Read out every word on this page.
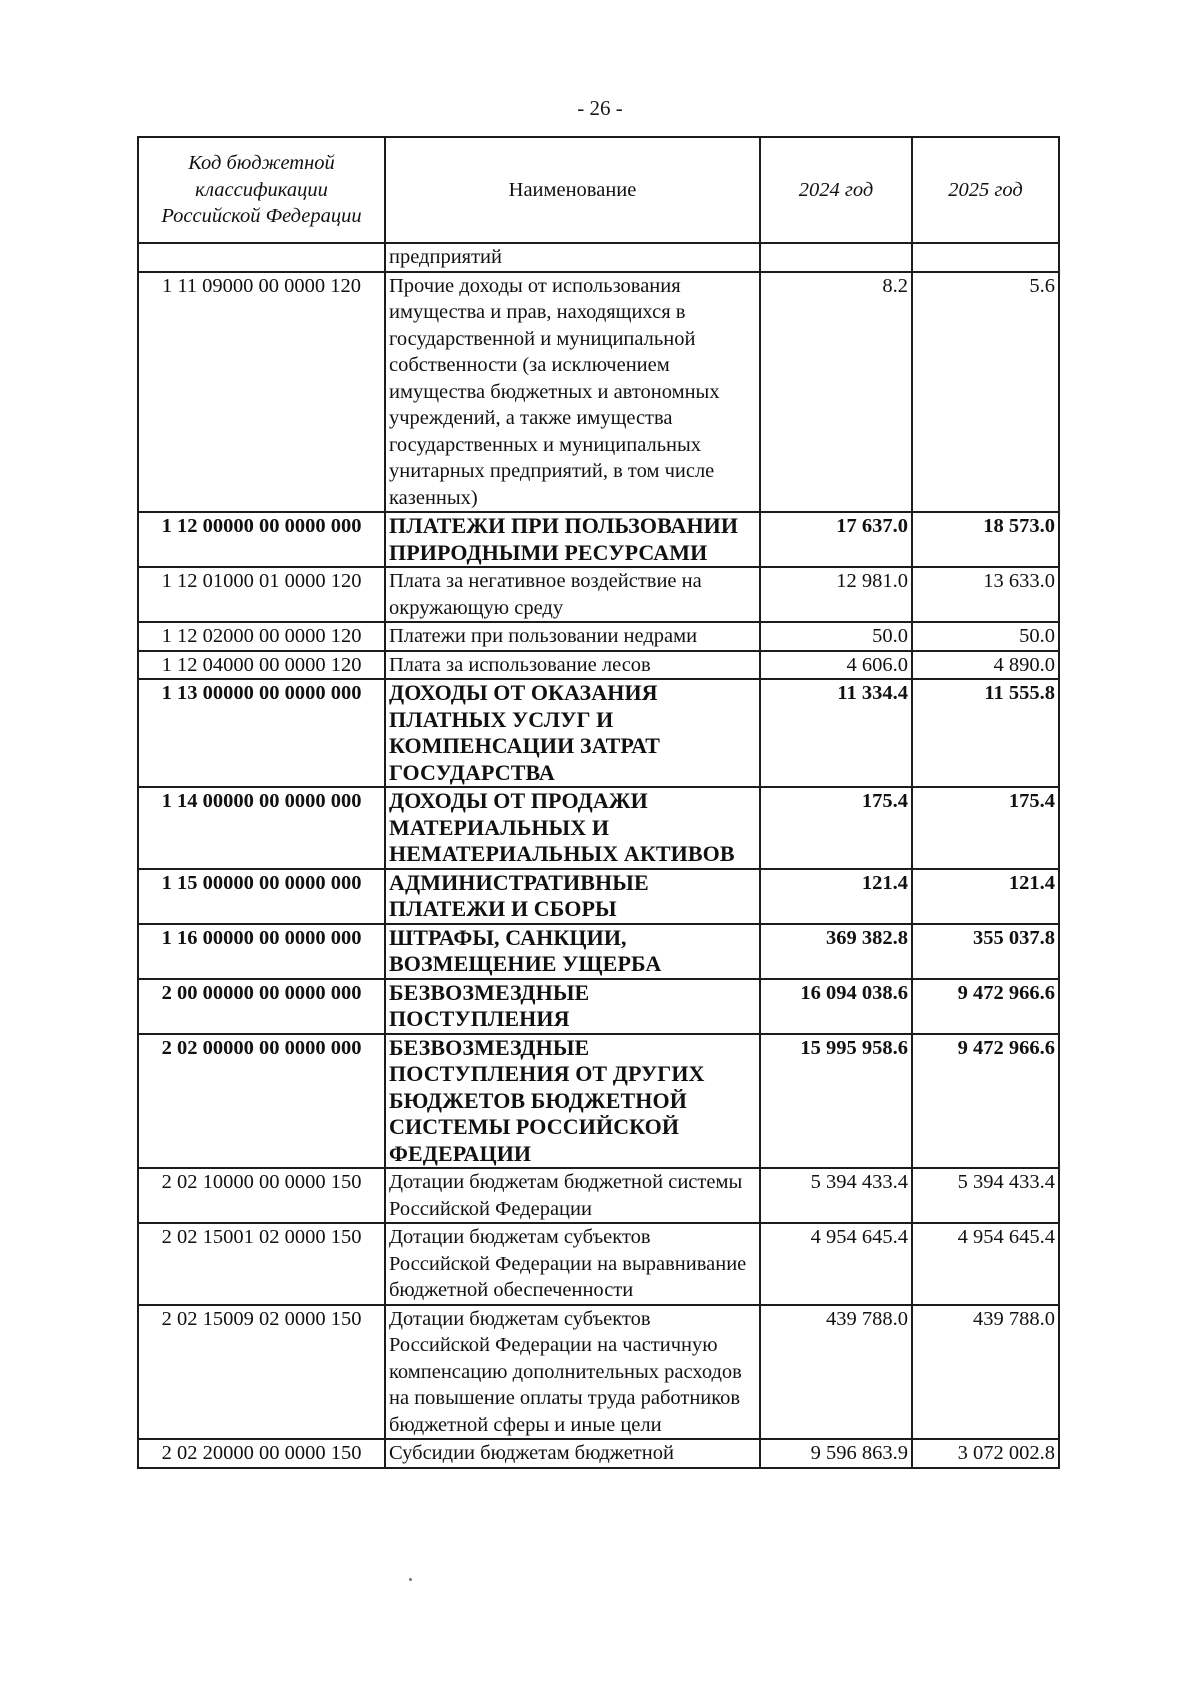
- 26 -
Код бюджетной классификации Российской Федерации	Наименование	2024 год	2025 год
	предприятий		
1 11 09000 00 0000 120	Прочие доходы от использования имущества и прав, находящихся в государственной и муниципальной собственности (за исключением имущества бюджетных и автономных учреждений, а также имущества государственных и муниципальных унитарных предприятий, в том числе казенных)	8.2	5.6
1 12 00000 00 0000 000	ПЛАТЕЖИ ПРИ ПОЛЬЗОВАНИИ ПРИРОДНЫМИ РЕСУРСАМИ	17 637.0	18 573.0
1 12 01000 01 0000 120	Плата за негативное воздействие на окружающую среду	12 981.0	13 633.0
1 12 02000 00 0000 120	Платежи при пользовании недрами	50.0	50.0
1 12 04000 00 0000 120	Плата за использование лесов	4 606.0	4 890.0
1 13 00000 00 0000 000	ДОХОДЫ ОТ ОКАЗАНИЯ ПЛАТНЫХ УСЛУГ И КОМПЕНСАЦИИ ЗАТРАТ ГОСУДАРСТВА	11 334.4	11 555.8
1 14 00000 00 0000 000	ДОХОДЫ ОТ ПРОДАЖИ МАТЕРИАЛЬНЫХ И НЕМАТЕРИАЛЬНЫХ АКТИВОВ	175.4	175.4
1 15 00000 00 0000 000	АДМИНИСТРАТИВНЫЕ ПЛАТЕЖИ И СБОРЫ	121.4	121.4
1 16 00000 00 0000 000	ШТРАФЫ, САНКЦИИ, ВОЗМЕЩЕНИЕ УЩЕРБА	369 382.8	355 037.8
2 00 00000 00 0000 000	БЕЗВОЗМЕЗДНЫЕ ПОСТУПЛЕНИЯ	16 094 038.6	9 472 966.6
2 02 00000 00 0000 000	БЕЗВОЗМЕЗДНЫЕ ПОСТУПЛЕНИЯ ОТ ДРУГИХ БЮДЖЕТОВ БЮДЖЕТНОЙ СИСТЕМЫ РОССИЙСКОЙ ФЕДЕРАЦИИ	15 995 958.6	9 472 966.6
2 02 10000 00 0000 150	Дотации бюджетам бюджетной системы Российской Федерации	5 394 433.4	5 394 433.4
2 02 15001 02 0000 150	Дотации бюджетам субъектов Российской Федерации на выравнивание бюджетной обеспеченности	4 954 645.4	4 954 645.4
2 02 15009 02 0000 150	Дотации бюджетам субъектов Российской Федерации на частичную компенсацию дополнительных расходов на повышение оплаты труда работников бюджетной сферы и иные цели	439 788.0	439 788.0
2 02 20000 00 0000 150	Субсидии бюджетам бюджетной	9 596 863.9	3 072 002.8
